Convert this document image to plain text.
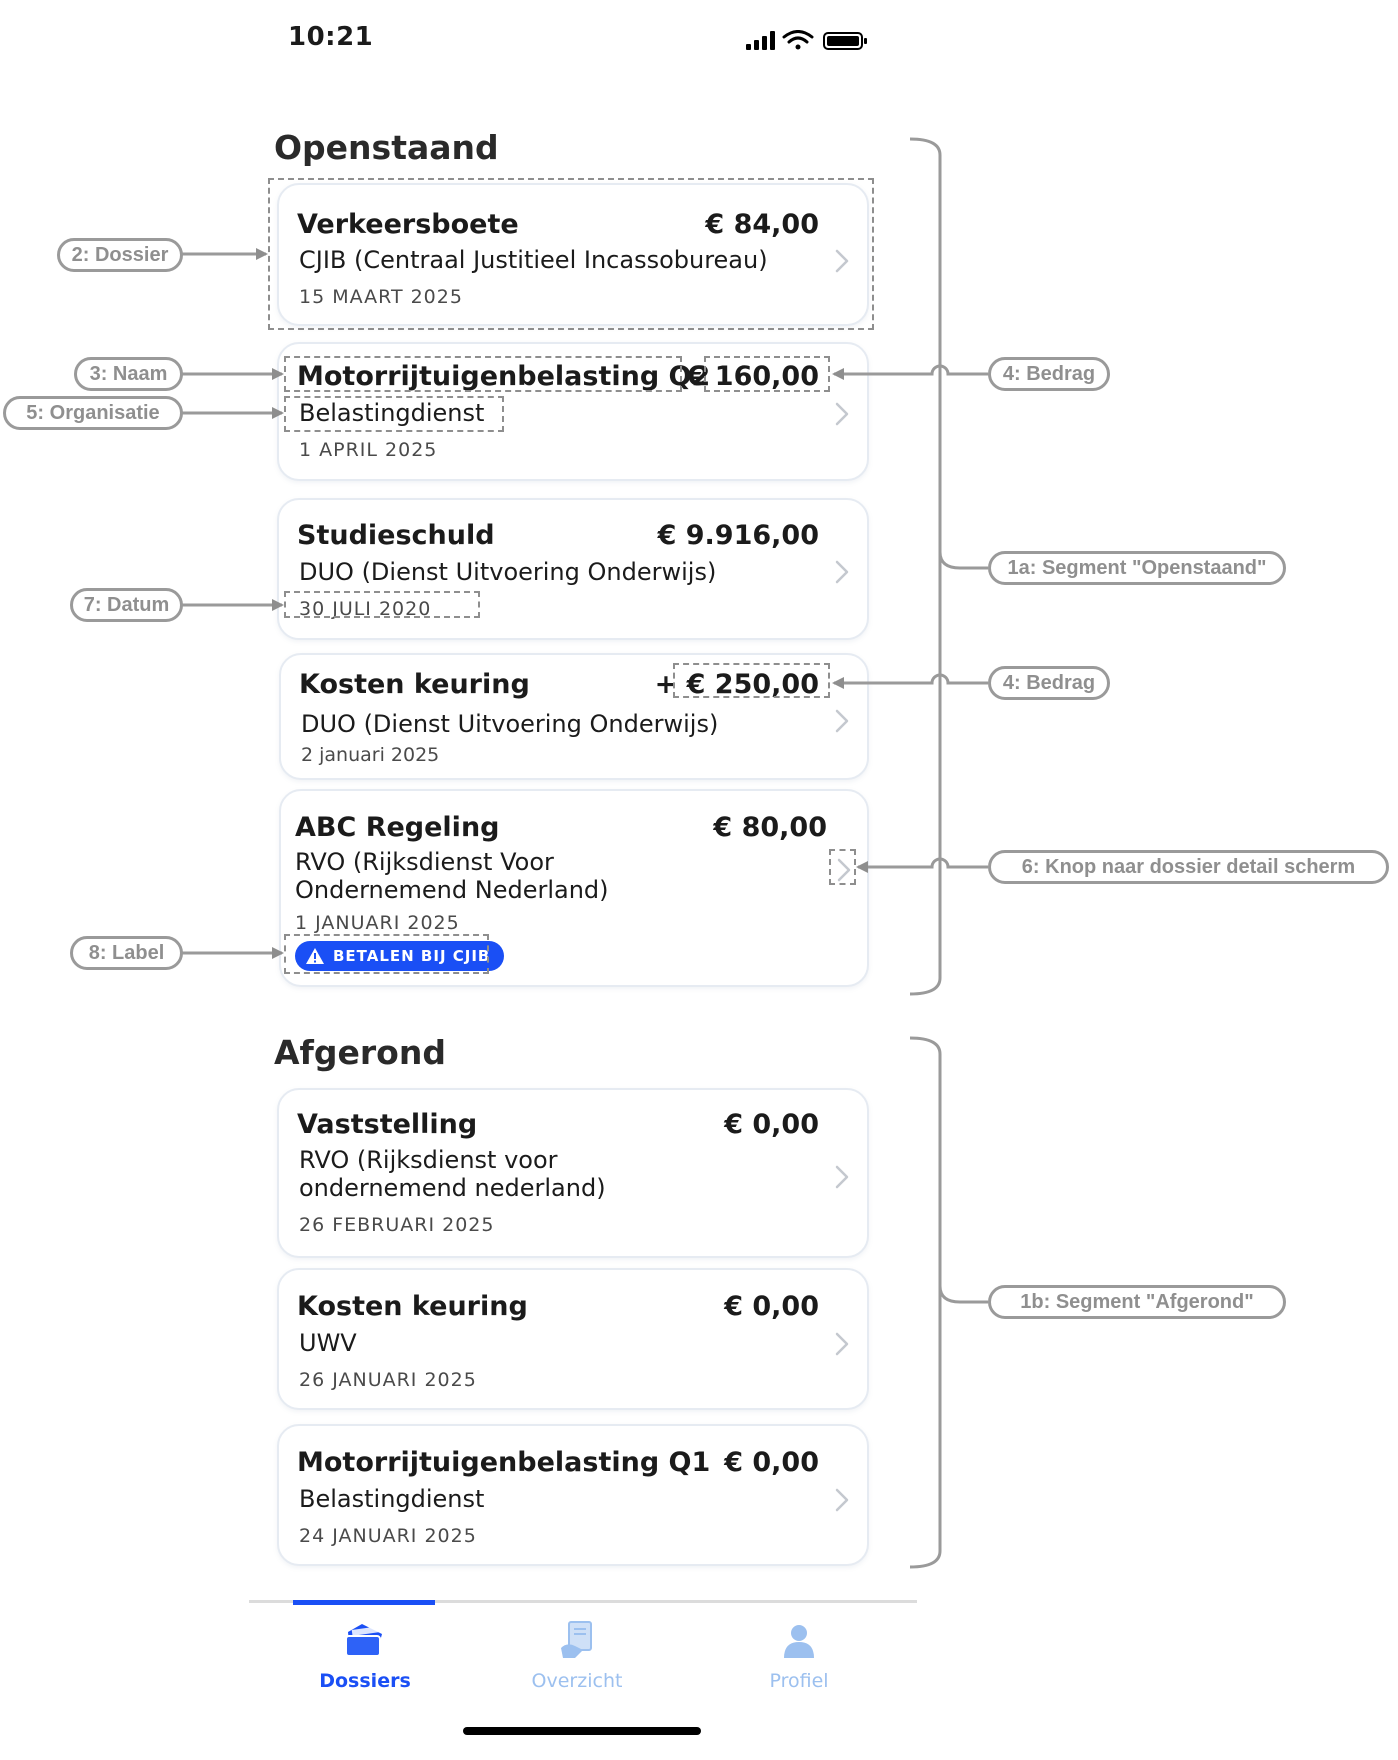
10:21
Openstaand
Verkeersboete	€ 84,00
CJIB (Centraal Justitieel Incassobureau)
15 MAART 2025
Motorrijtuigenbelasting Q2
€ 160,00
Belastingdienst
1 APRIL 2025
Studieschuld	€ 9.916,00
DUO (Dienst Uitvoering Onderwijs)
30 JULI 2020
Kosten keuring	+ € 250,00
DUO (Dienst Uitvoering Onderwijs)
2 januari 2025
ABC Regeling	€ 80,00
RVO (Rijksdienst Voor Ondernemend Nederland)
1 JANUARI 2025
BETALEN BIJ CJIB
Afgerond
Vaststelling	€ 0,00
RVO (Rijksdienst voor ondernemend nederland)
26 FEBRUARI 2025
Kosten keuring	€ 0,00
UWV
26 JANUARI 2025
Motorrijtuigenbelasting Q1 € 0,00
Belastingdienst
24 JANUARI 2025
2: Dossier
3: Naam
5: Organisatie
7: Datum
8: Label
4: Bedrag
1a: Segment "Openstaand"
4: Bedrag
6: Knop naar dossier detail scherm
1b: Segment "Afgerond"
Dossiers	Overzicht	Profiel
